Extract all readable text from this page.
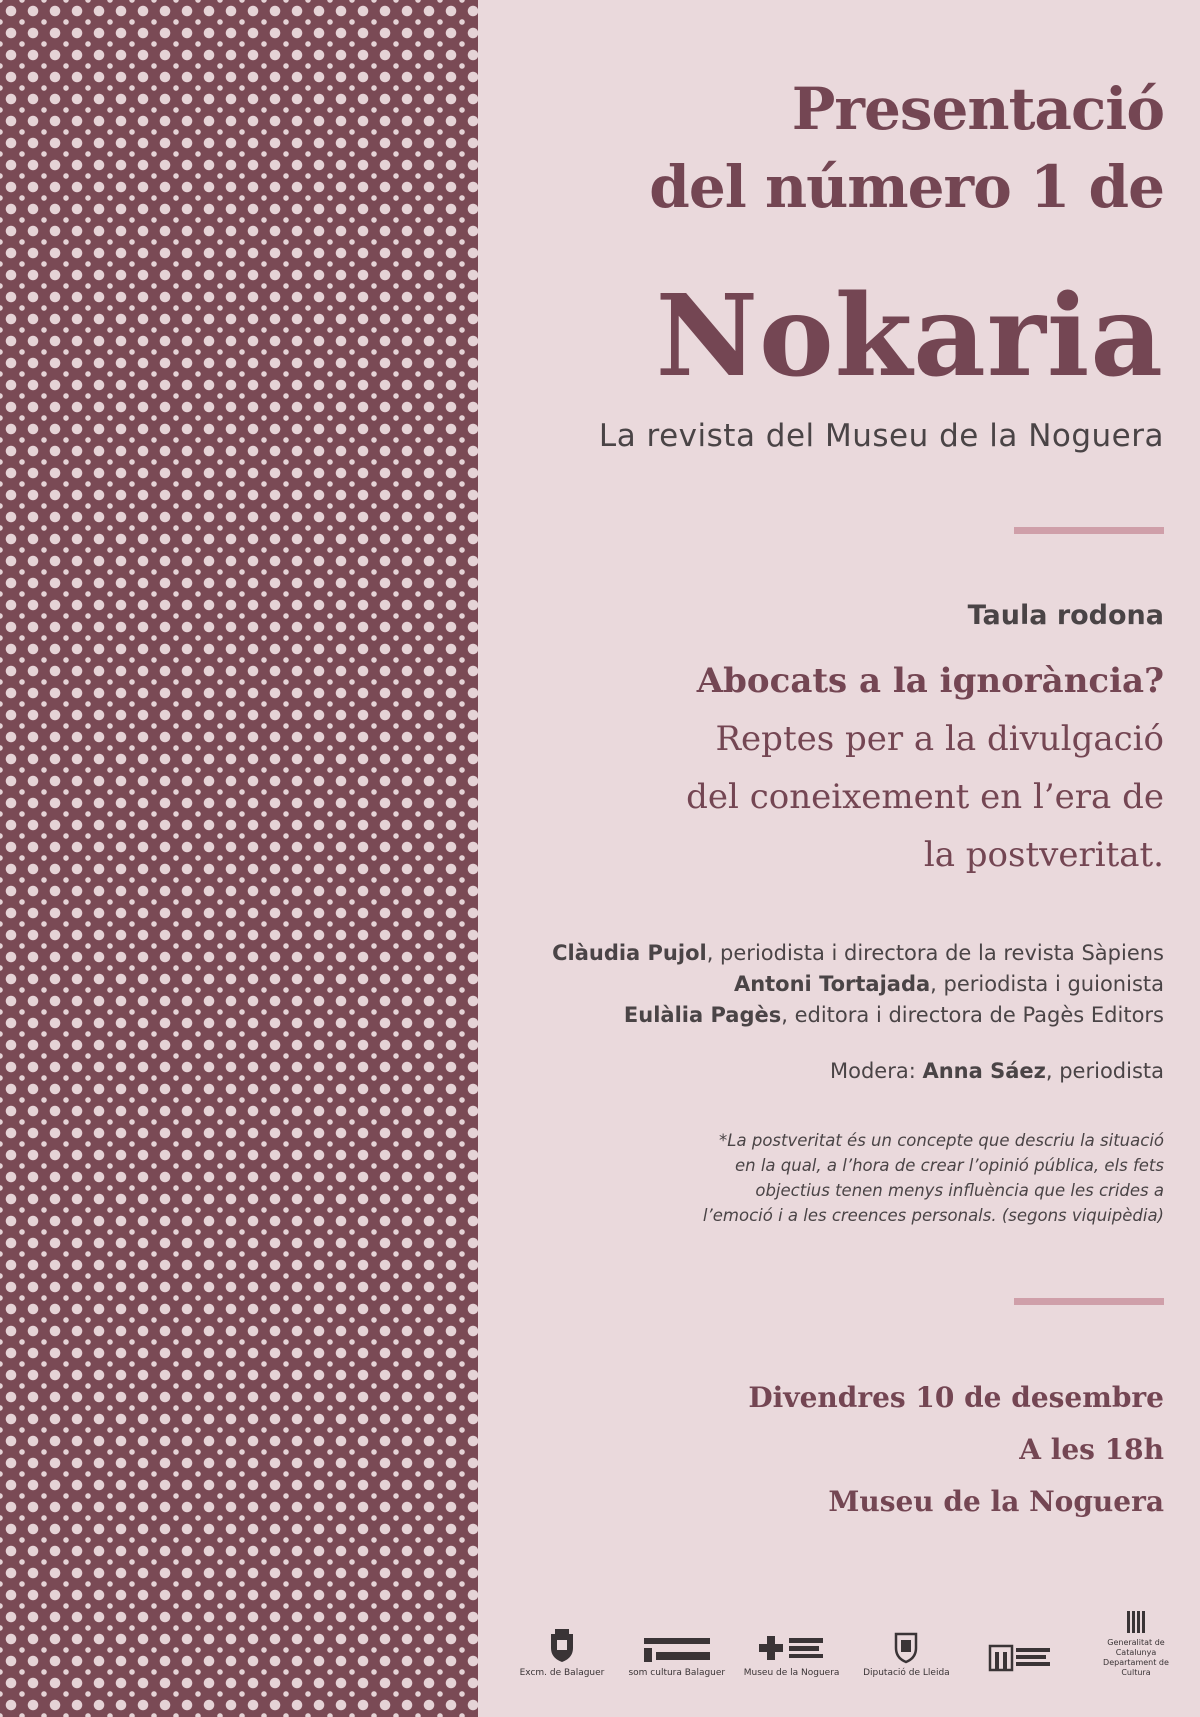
Presentació
del número 1 de
Nokaria
La revista del Museu de la Noguera
Taula rodona
Abocats a la ignorància?
Reptes per a la divulgació
del coneixement en l’era de
la postveritat.
Clàudia Pujol, periodista i directora de la revista Sàpiens
Antoni Tortajada, periodista i guionista
Eulàlia Pagès, editora i directora de Pagès Editors
Modera: Anna Sáez, periodista
*La postveritat és un concepte que descriu la situació
en la qual, a l’hora de crear l’opinió pública, els fets
objectius tenen menys influència que les crides a
l’emoció i a les creences personals. (segons viquipèdia)
Divendres 10 de desembre
A les 18h
Museu de la Noguera
Excm. de Balaguer	som cultura Balaguer Museu de la Noguera	Diputació de Lleida
Generalitat de Catalunya Departament de Cultura
